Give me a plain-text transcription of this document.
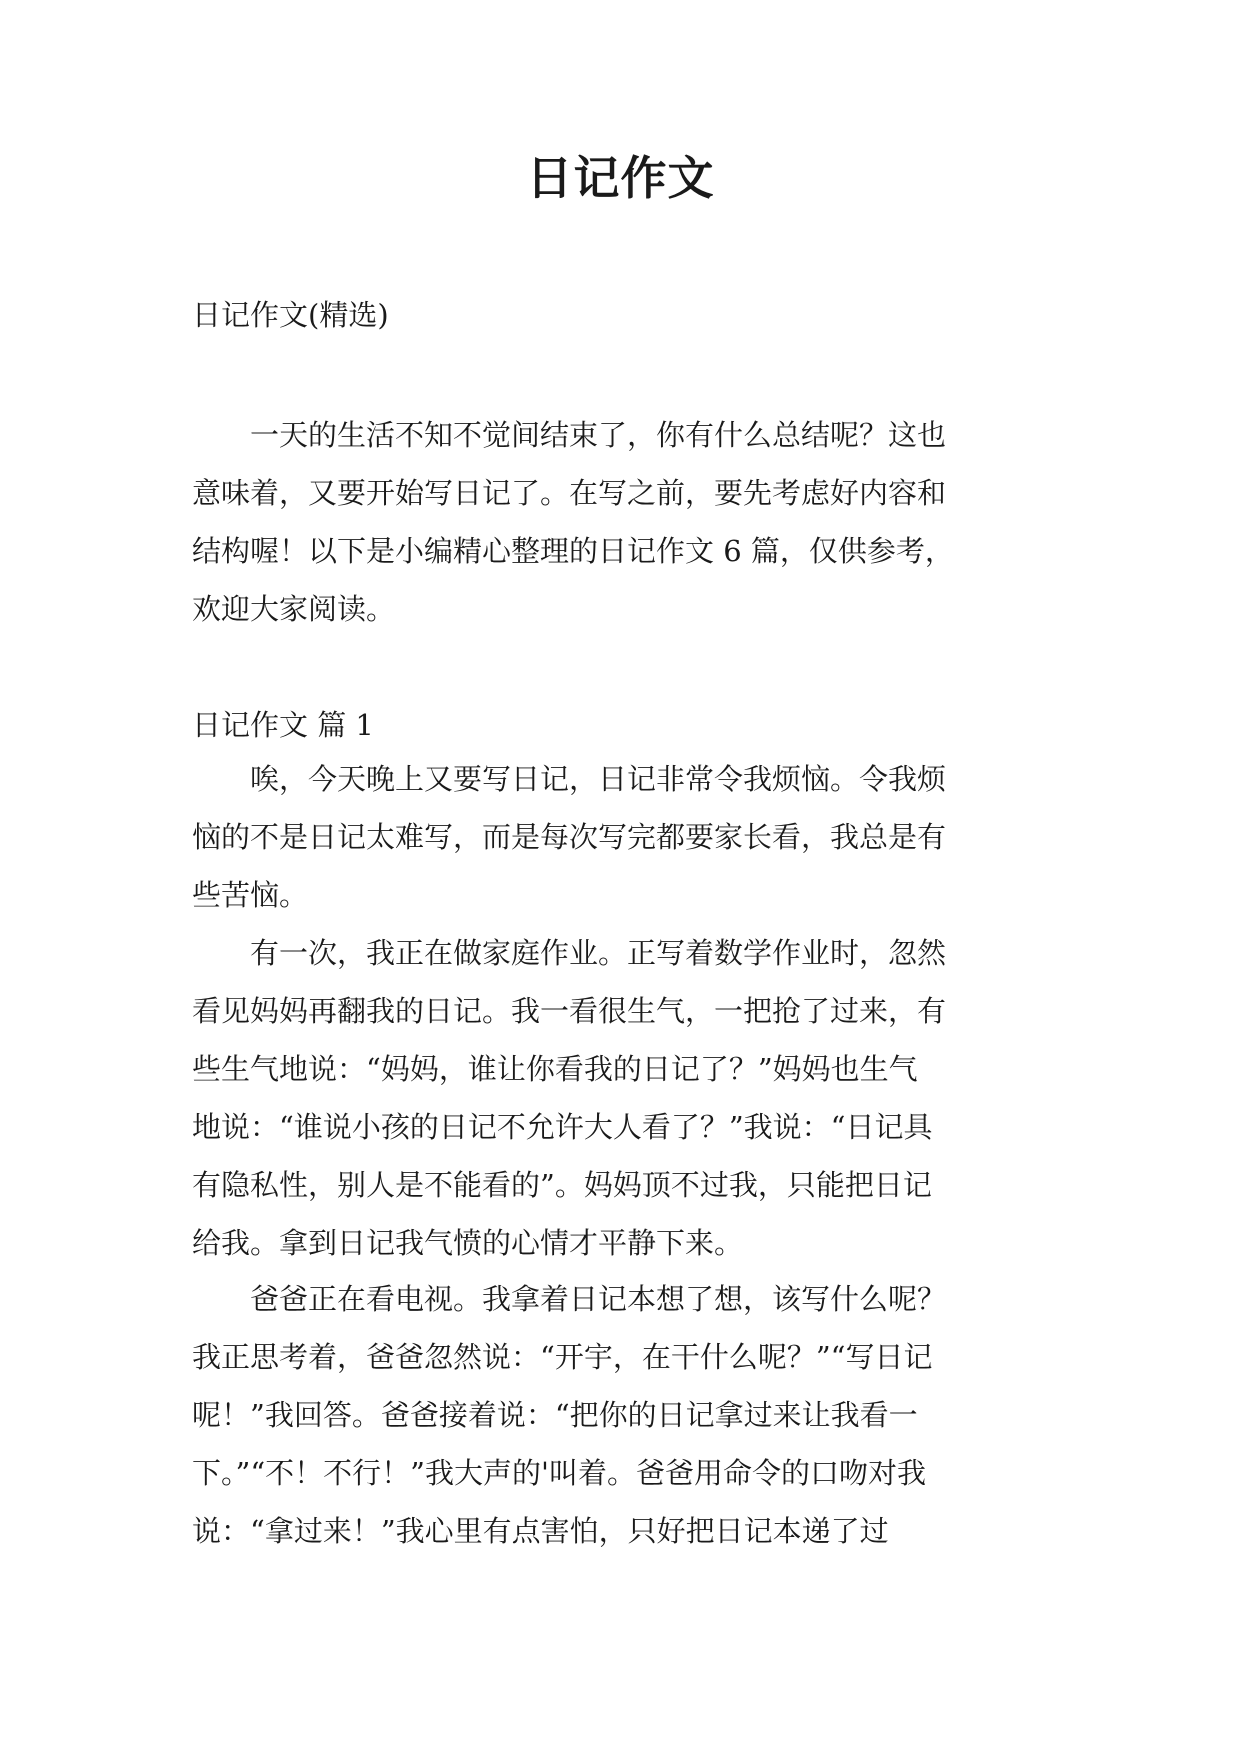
日记作文

日记作文(精选)

　　一天的生活不知不觉间结束了，你有什么总结呢？这也
意味着，又要开始写日记了。在写之前，要先考虑好内容和
结构喔！以下是小编精心整理的日记作文 6 篇，仅供参考，
欢迎大家阅读。

日记作文 篇 1

　　唉，今天晚上又要写日记，日记非常令我烦恼。令我烦
恼的不是日记太难写，而是每次写完都要家长看，我总是有
些苦恼。
　　有一次，我正在做家庭作业。正写着数学作业时，忽然
看见妈妈再翻我的日记。我一看很生气，一把抢了过来，有
些生气地说：“妈妈，谁让你看我的日记了？”妈妈也生气
地说：“谁说小孩的日记不允许大人看了？”我说：“日记具
有隐私性，别人是不能看的”。妈妈顶不过我，只能把日记
给我。拿到日记我气愤的心情才平静下来。
　　爸爸正在看电视。我拿着日记本想了想，该写什么呢？
我正思考着，爸爸忽然说：“开宇，在干什么呢？”“写日记
呢！”我回答。爸爸接着说：“把你的日记拿过来让我看一
下。”“不！不行！”我大声的'叫着。爸爸用命令的口吻对我
说：“拿过来！”我心里有点害怕，只好把日记本递了过
